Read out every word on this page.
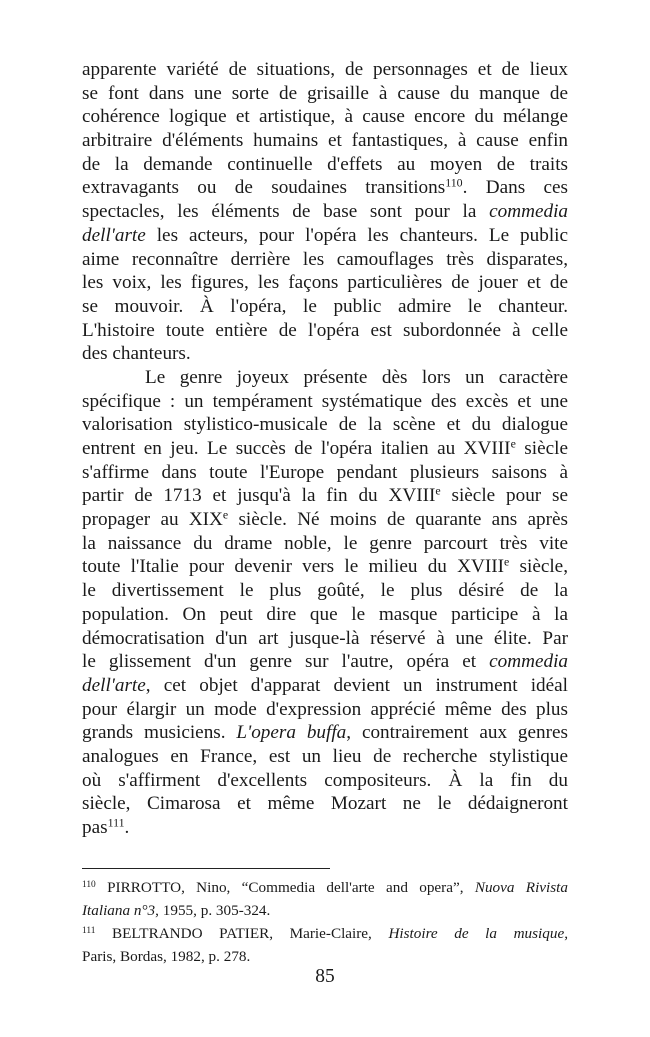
apparente variété de situations, de personnages et de lieux
se font dans une sorte de grisaille à cause du manque de
cohérence logique et artistique, à cause encore du mélange
arbitraire d'éléments humains et fantastiques, à cause enfin
de la demande continuelle d'effets au moyen de traits
extravagants ou de soudaines transitions$^{110}$. Dans ces
spectacles, les éléments de base sont pour la commedia
dell'arte les acteurs, pour l'opéra les chanteurs. Le public
aime reconnaître derrière les camouflages très disparates,
les voix, les figures, les façons particulières de jouer et de
se mouvoir. À l'opéra, le public admire le chanteur.
L'histoire toute entière de l'opéra est subordonnée à celle
des chanteurs.
Le genre joyeux présente dès lors un caractère
spécifique : un tempérament systématique des excès et une
valorisation stylistico-musicale de la scène et du dialogue
entrent en jeu. Le succès de l'opéra italien au XVIIIe siècle
s'affirme dans toute l'Europe pendant plusieurs saisons à
partir de 1713 et jusqu'à la fin du XVIIIe siècle pour se
propager au XIXe siècle. Né moins de quarante ans après
la naissance du drame noble, le genre parcourt très vite
toute l'Italie pour devenir vers le milieu du XVIIIe siècle,
le divertissement le plus goûté, le plus désiré de la
population. On peut dire que le masque participe à la
démocratisation d'un art jusque-là réservé à une élite. Par
le glissement d'un genre sur l'autre, opéra et commedia
dell'arte, cet objet d'apparat devient un instrument idéal
pour élargir un mode d'expression apprécié même des plus
grands musiciens. L'opera buffa, contrairement aux genres
analogues en France, est un lieu de recherche stylistique
où s'affirment d'excellents compositeurs. À la fin du
siècle, Cimarosa et même Mozart ne le dédaigneront
pas$^{111}$.
$^{110}$ PIRROTTO, Nino, “Commedia dell'arte and opera”, Nuova Rivista
Italiana n°3, 1955, p. 305-324.
$^{111}$ BELTRANDO PATIER, Marie-Claire, Histoire de la musique,
Paris, Bordas, 1982, p. 278.
85
